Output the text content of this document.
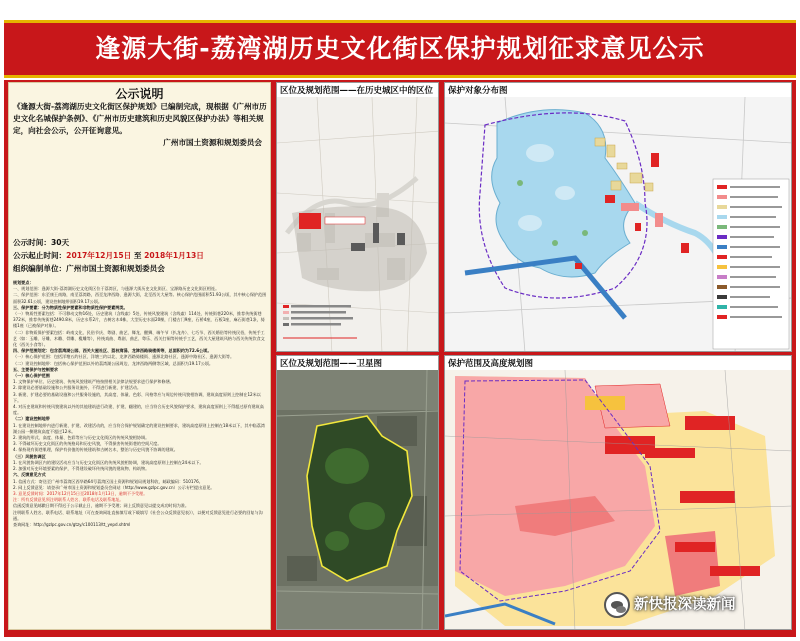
逢源大街-荔湾湖历史文化街区保护规划征求意见公示
公示说明
《逢源大街-荔湾湖历史文化街区保护规划》已编制完成，现根据《广州市历史文化名城保护条例》、《广州市历史建筑和历史风貌区保护办法》等相关规定，向社会公示，公开征询意见。
广州市国土资源和规划委员会
公示时间：30天
公示起止时间：2017年12月15日 至 2018年1月13日
组织编制单位：广州市国土资源和规划委员会

规划要点：

一、规划范围：逢源大街-荔湾湖历史文化街区位于荔湾区，与逢源大街历史文化街区、宝源路历史文化街区相连。

二、保护范围：东至康王南路，南至荔湾路，西至龙津西路、逢源大街，北至西关大屋等。核心保护范围面积51.93公顷，其中核心保护范围面积32.61公顷，建设控制地带面积19.17公顷。

三、保护要素：分为物质性保护要素和非物质性保护要素两类。

（一）物质性要素包括：不可移动文物16处，历史建筑（含线索）5处，传统风貌建筑（含线索）114处，传统街巷220米，推荐传统街巷372米，推荐传统街巷2490.8米，历史水系2片，古树名木4株，大型历史水面20棵，门楼古门9座，石桥4座，石板1座，麻石街巷1条，骑楼1座（已被保护对象）。

（二）非物质保护要素包括：岭南文化、民俗节庆、粤剧、曲艺、舞龙、醒狮、端午节（扒龙舟）、七巧节、西关婚俗等传统民俗，传统手工艺（如：玉雕、牙雕、木雕、骨雕、榄雕等），传统戏曲、粤剧、曲艺、粤乐、西关打铜等传统手工艺，西关大屋建筑风格与西关传统饮食文化（西关小食等）。

四、保护范围划定：包含荔湾湖公园、西关大屋社区、荔枝湾涌、龙津西路骑楼街等，总面积约为72.6公顷。

（一）核心保护范围：包括洋塘五约社区、洋塘三约以北、龙津西路骑楼街、逢源北路社区、逢源中路社区、逢源大街等。

（二）建设控制地带：包括核心保护范围以外的荔湾湖公园周边、龙津西路两侧等区域，总面积为19.17公顷。

五、主要保护与控制要求

（一）核心保护范围

1. 文物保护单位、历史建筑、传统风貌建筑严格按照相关法律法规要求进行保护和修缮。

2. 除建设必要基础设施和公共服务设施外，不得进行新建、扩建活动。

3. 新建、扩建必要的基础设施和公共服务设施的，其高度、体量、色彩、风格等应与周边传统风貌相协调，建筑高度原则上控制在12米以下。

4. 对历史建筑和传统风貌建筑以外的其他建筑进行改建、扩建、翻建的，应当符合历史风貌保护要求，建筑高度原则上不得超过原有建筑高度。

（二）建设控制地带

1. 在建设控制地带内进行新建、扩建、改建活动的，应当符合保护规划确定的建设控制要求，建筑高度原则上控制在18米以下，其中临荔湾湖公园一侧建筑高度不超过12米。

2. 建筑的形式、高度、体量、色彩等应与历史文化街区的传统风貌相协调。

3. 不得破坏历史文化街区的传统格局和历史风貌，不得损害传统街巷的空间尺度。

4. 保持现有街巷肌理，保护有价值的传统建筑和古树名木，整治与历史风貌不协调的建筑。

（三）风貌协调区

1. 在风貌协调区内的建设活动应当与历史文化街区的传统风貌相协调，建筑高度原则上控制在24米以下。

2. 加强对历史环境要素的保护，不得建设破坏传统风貌的建筑物、构筑物。

六、反馈意见方式

1. 信函方式：寄送至广州市荔湾区西华路64号荔湾区国土资源和规划局规划科收，邮政编码：510176。

2. 网上反馈意见：请登录广州市国土资源和规划委员会网站（http://www.gzlpc.gov.cn）公示专栏提出意见。

3. 意见反馈时间：2017年12月15日至2018年1月13日，逾期不予受理。

注：所有反馈意见须注明联系人姓名、联系电话及联系地址。

信函反馈意见邮戳日期不得迟于公示截止日，逾期不予受理；网上反馈意见以提交成功时间为准。

注明联系人姓名、联系电话、联系地址（可在查询网址直接填写或下载填写《社会公众反馈意见表》），以便对反馈意见进行必要的回复与沟通。

查询网址：http://gzlpc.gov.cn/gtzy/c100113/tt_yepd.shtml

区位及规划范围——在历史城区中的区位 保护对象分布图
区位及规划范围——卫星图	保护范围及高度规划图
新快报深读新闻
